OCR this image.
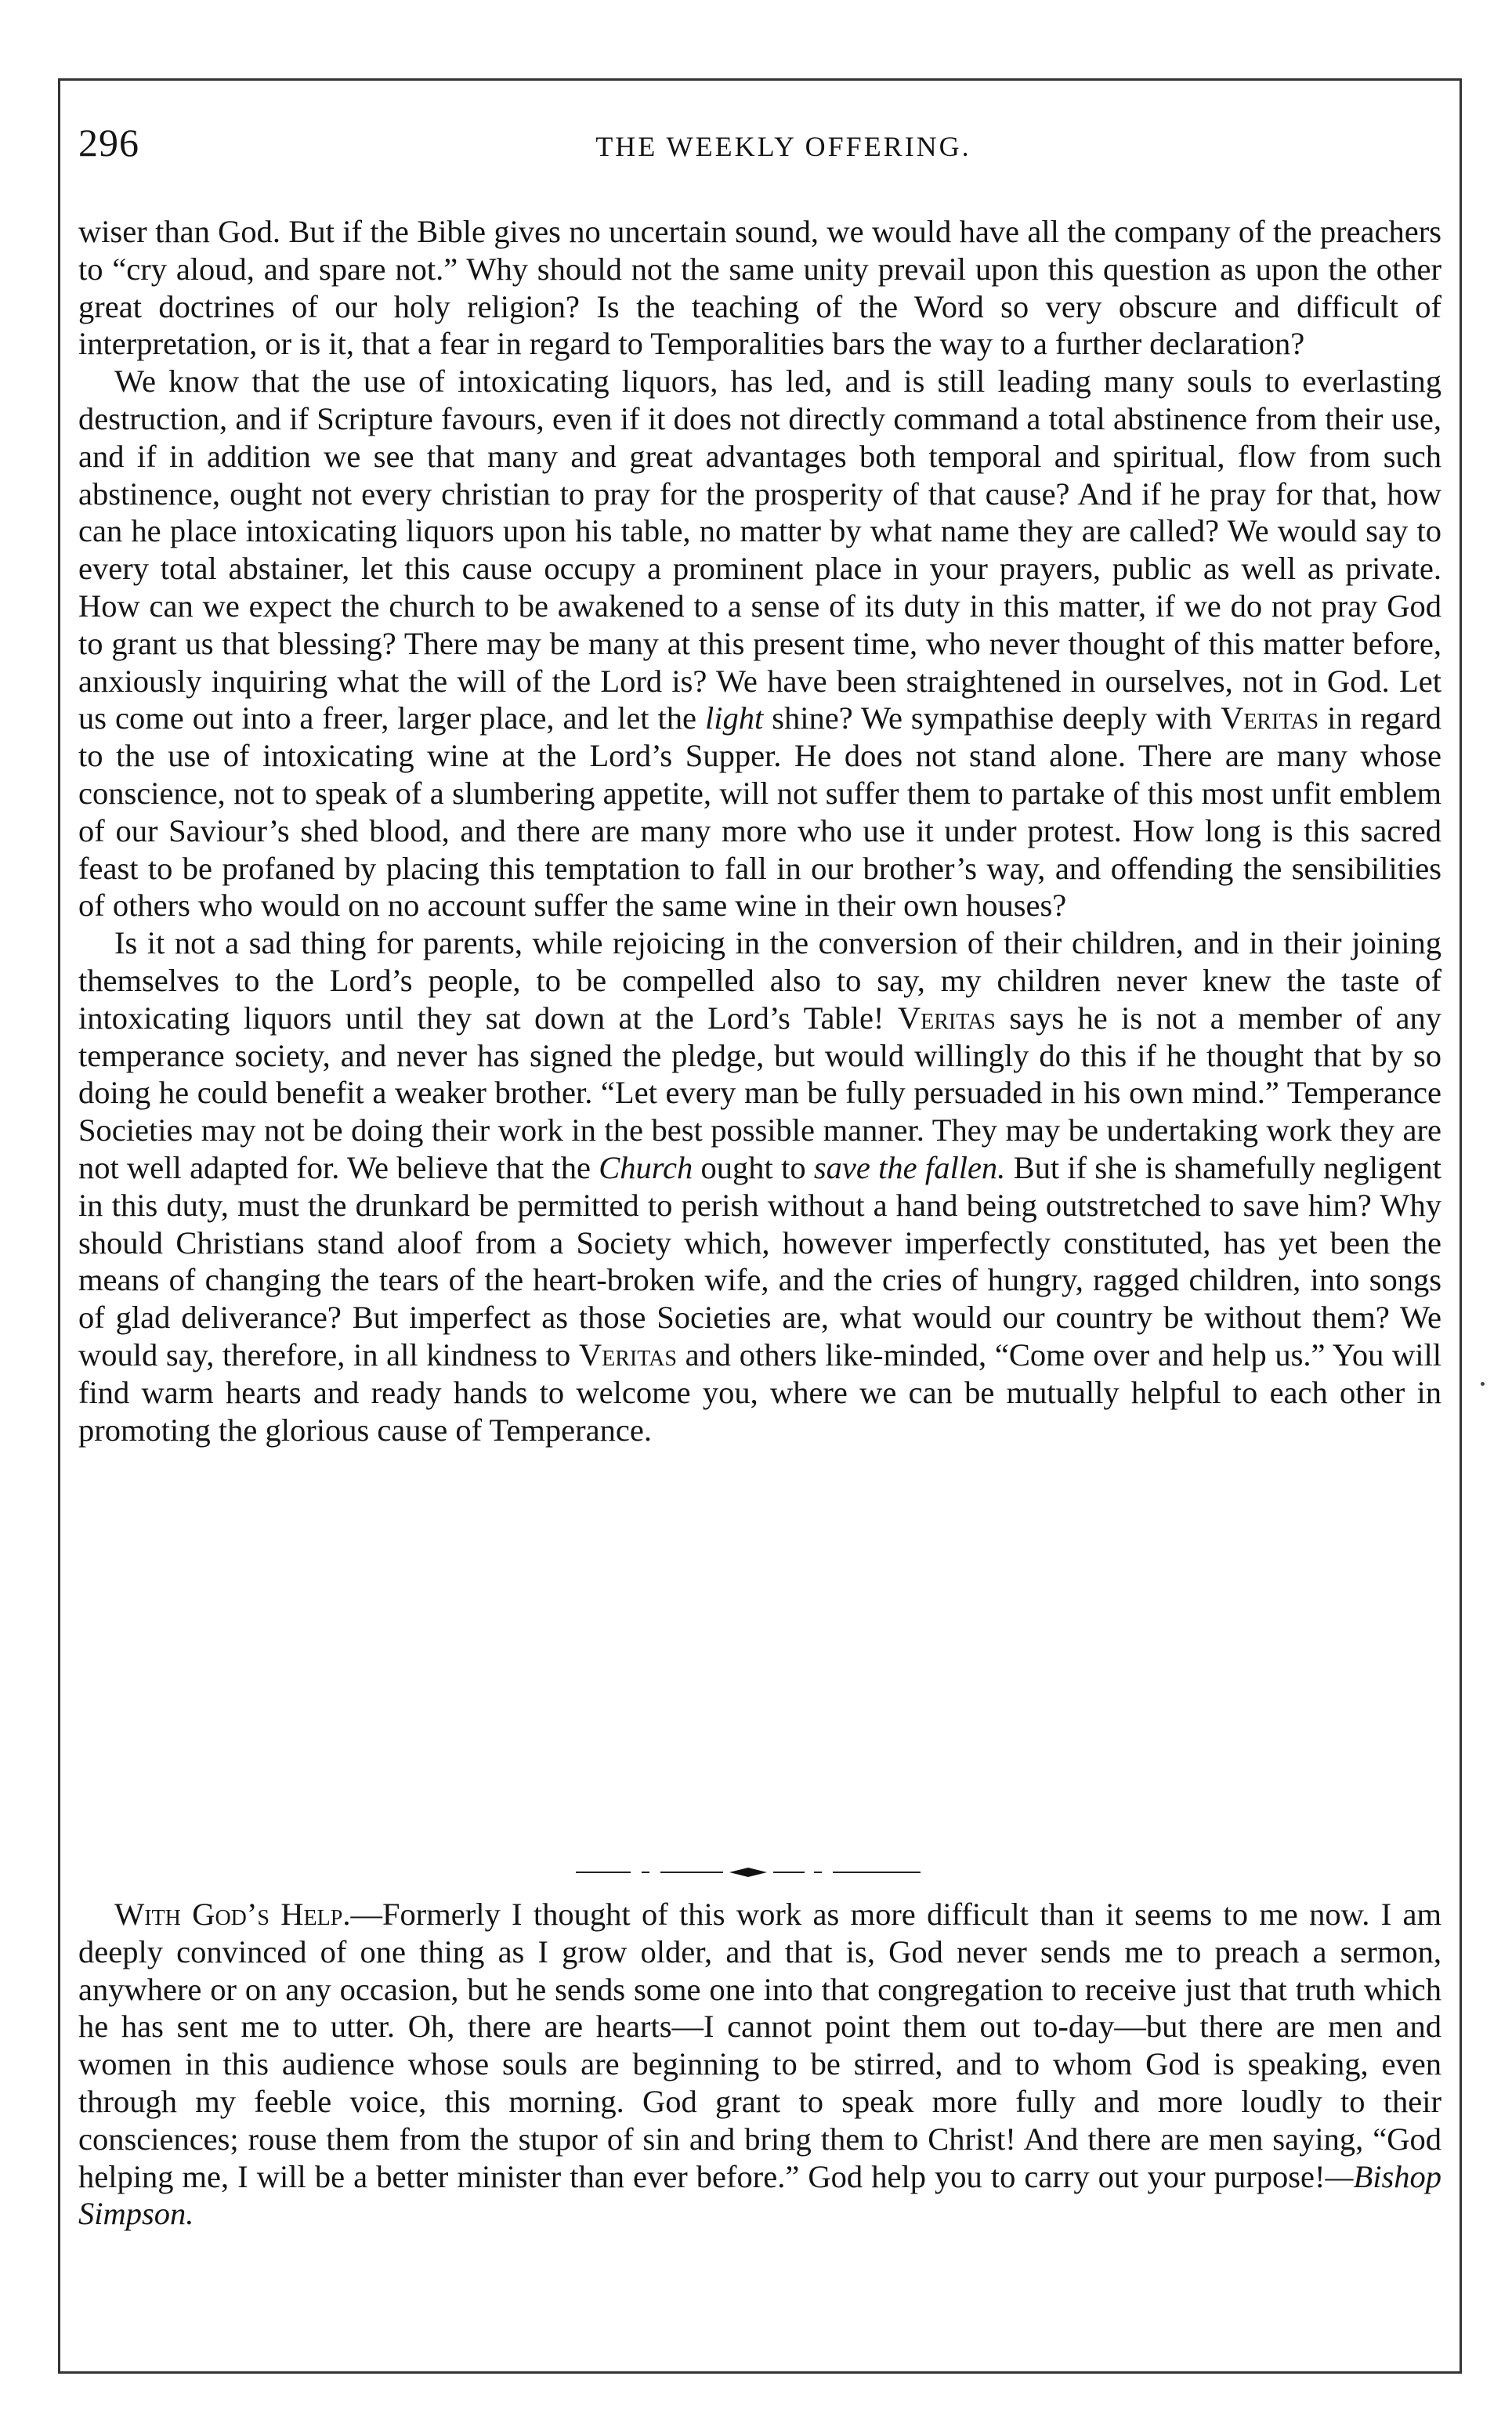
296	THE WEEKLY OFFERING.

wiser than God. But if the Bible gives no uncertain sound, we would have all the company of the preachers to “cry aloud, and spare not.” Why should not the same unity prevail upon this question as upon the other great doctrines of our holy religion? Is the teaching of the Word so very obscure and difficult of interpretation, or is it, that a fear in regard to Temporalities bars the way to a further declaration?

We know that the use of intoxicating liquors, has led, and is still leading many souls to everlasting destruction, and if Scripture favours, even if it does not directly command a total abstinence from their use, and if in addition we see that many and great advantages both temporal and spiritual, flow from such abstinence, ought not every christian to pray for the prosperity of that cause? And if he pray for that, how can he place intoxicating liquors upon his table, no matter by what name they are called? We would say to every total abstainer, let this cause occupy a prominent place in your prayers, public as well as private. How can we expect the church to be awakened to a sense of its duty in this matter, if we do not pray God to grant us that blessing? There may be many at this present time, who never thought of this matter before, anxiously inquiring what the will of the Lord is? We have been straightened in ourselves, not in God. Let us come out into a freer, larger place, and let the light shine? We sympathise deeply with Veritas in regard to the use of intoxicating wine at the Lord’s Supper. He does not stand alone. There are many whose conscience, not to speak of a slumbering appetite, will not suffer them to partake of this most unfit emblem of our Saviour’s shed blood, and there are many more who use it under protest. How long is this sacred feast to be profaned by placing this temptation to fall in our brother’s way, and offending the sensibilities of others who would on no account suffer the same wine in their own houses?

Is it not a sad thing for parents, while rejoicing in the conversion of their children, and in their joining themselves to the Lord’s people, to be compelled also to say, my children never knew the taste of intoxicating liquors until they sat down at the Lord’s Table! Veritas says he is not a member of any temperance society, and never has signed the pledge, but would willingly do this if he thought that by so doing he could benefit a weaker brother. “Let every man be fully persuaded in his own mind.” Temperance Societies may not be doing their work in the best possible manner. They may be undertaking work they are not well adapted for. We believe that the Church ought to save the fallen. But if she is shamefully negligent in this duty, must the drunkard be permitted to perish without a hand being outstretched to save him? Why should Christians stand aloof from a Society which, however imperfectly constituted, has yet been the means of changing the tears of the heart-broken wife, and the cries of hungry, ragged children, into songs of glad deliverance? But imperfect as those Societies are, what would our country be without them? We would say, therefore, in all kindness to Veritas and others like-minded, “Come over and help us.” You will find warm hearts and ready hands to welcome you, where we can be mutually helpful to each other in promoting the glorious cause of Temperance.

With God’s Help.—Formerly I thought of this work as more difficult than it seems to me now. I am deeply convinced of one thing as I grow older, and that is, God never sends me to preach a sermon, anywhere or on any occasion, but he sends some one into that congregation to receive just that truth which he has sent me to utter. Oh, there are hearts—I cannot point them out to-day—but there are men and women in this audience whose souls are beginning to be stirred, and to whom God is speaking, even through my feeble voice, this morning. God grant to speak more fully and more loudly to their consciences; rouse them from the stupor of sin and bring them to Christ! And there are men saying, “God helping me, I will be a better minister than ever before.” God help you to carry out your purpose!—Bishop Simpson.
